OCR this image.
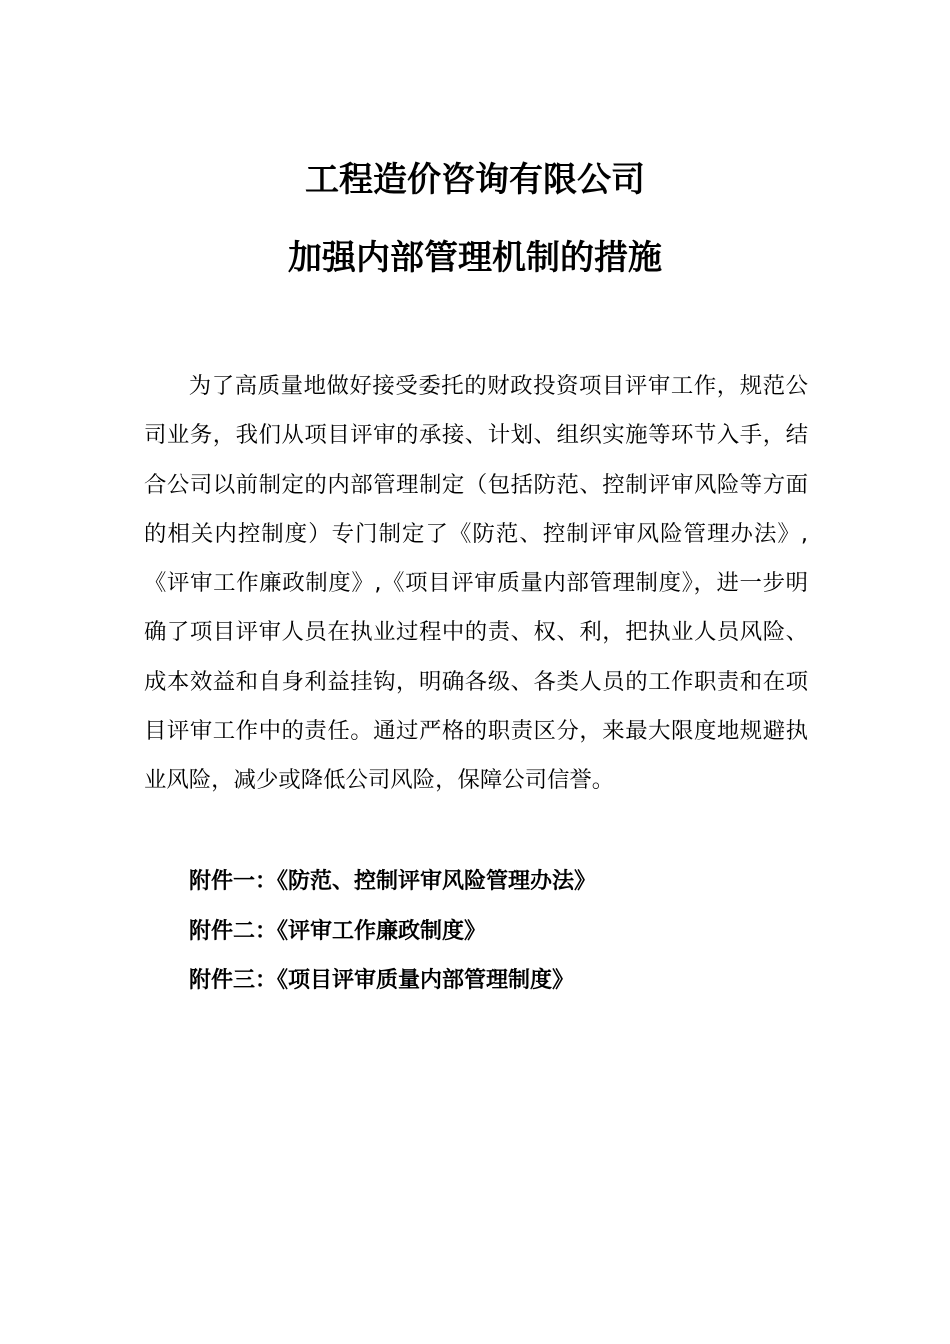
工程造价咨询有限公司
加强内部管理机制的措施

为了高质量地做好接受委托的财政投资项目评审工作，规范公司业务，我们从项目评审的承接、计划、组织实施等环节入手，结合公司以前制定的内部管理制定（包括防范、控制评审风险等方面的相关内控制度）专门制定了《防范、控制评审风险管理办法》,《评审工作廉政制度》,《项目评审质量内部管理制度》，进一步明确了项目评审人员在执业过程中的责、权、利，把执业人员风险、成本效益和自身利益挂钩，明确各级、各类人员的工作职责和在项目评审工作中的责任。通过严格的职责区分，来最大限度地规避执业风险，减少或降低公司风险，保障公司信誉。

附件一：《防范、控制评审风险管理办法》
附件二：《评审工作廉政制度》
附件三：《项目评审质量内部管理制度》
